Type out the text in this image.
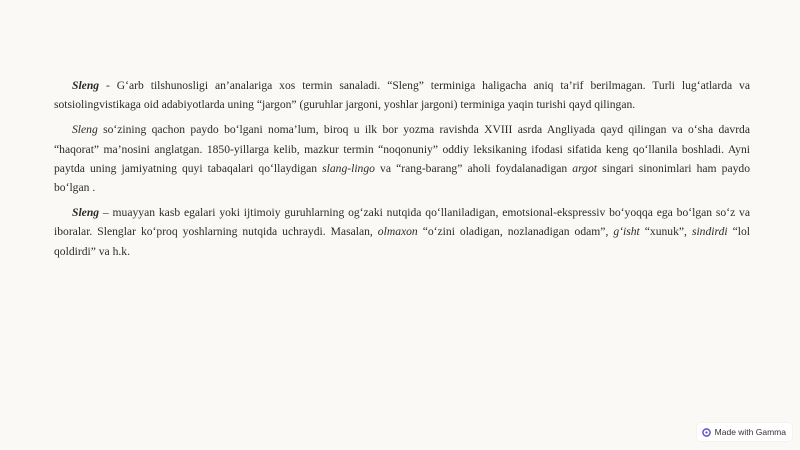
Sleng - G‘arb tilshunosligi an’analariga xos termin sanaladi. “Sleng” terminiga haligacha aniq ta’rif berilmagan. Turli lug‘atlarda va sotsiolingvistikaga oid adabiyotlarda uning “jargon” (guruhlar jargoni, yoshlar jargoni) terminiga yaqin turishi qayd qilingan.

Sleng so‘zining qachon paydo bo‘lgani noma’lum, biroq u ilk bor yozma ravishda XVIII asrda Angliyada qayd qilingan va o‘sha davrda “haqorat” ma’nosini anglatgan. 1850-yillarga kelib, mazkur termin “noqonuniy” oddiy leksikaning ifodasi sifatida keng qo‘llanila boshladi. Ayni paytda uning jamiyatning quyi tabaqalari qo‘llaydigan slang-lingo va “rang-barang” aholi foydalanadigan argot singari sinonimlari ham paydo bo‘lgan .

Sleng – muayyan kasb egalari yoki ijtimoiy guruhlarning og‘zaki nutqida qo‘llaniladigan, emotsional-ekspressiv bo‘yoqqa ega bo‘lgan so‘z va iboralar. Slenglar ko‘proq yoshlarning nutqida uchraydi. Masalan, olmaxon “o‘zini oladigan, nozlanadigan odam”, g‘isht “xunuk”, sindirdi “lol qoldirdi” va h.k.

Made with Gamma
